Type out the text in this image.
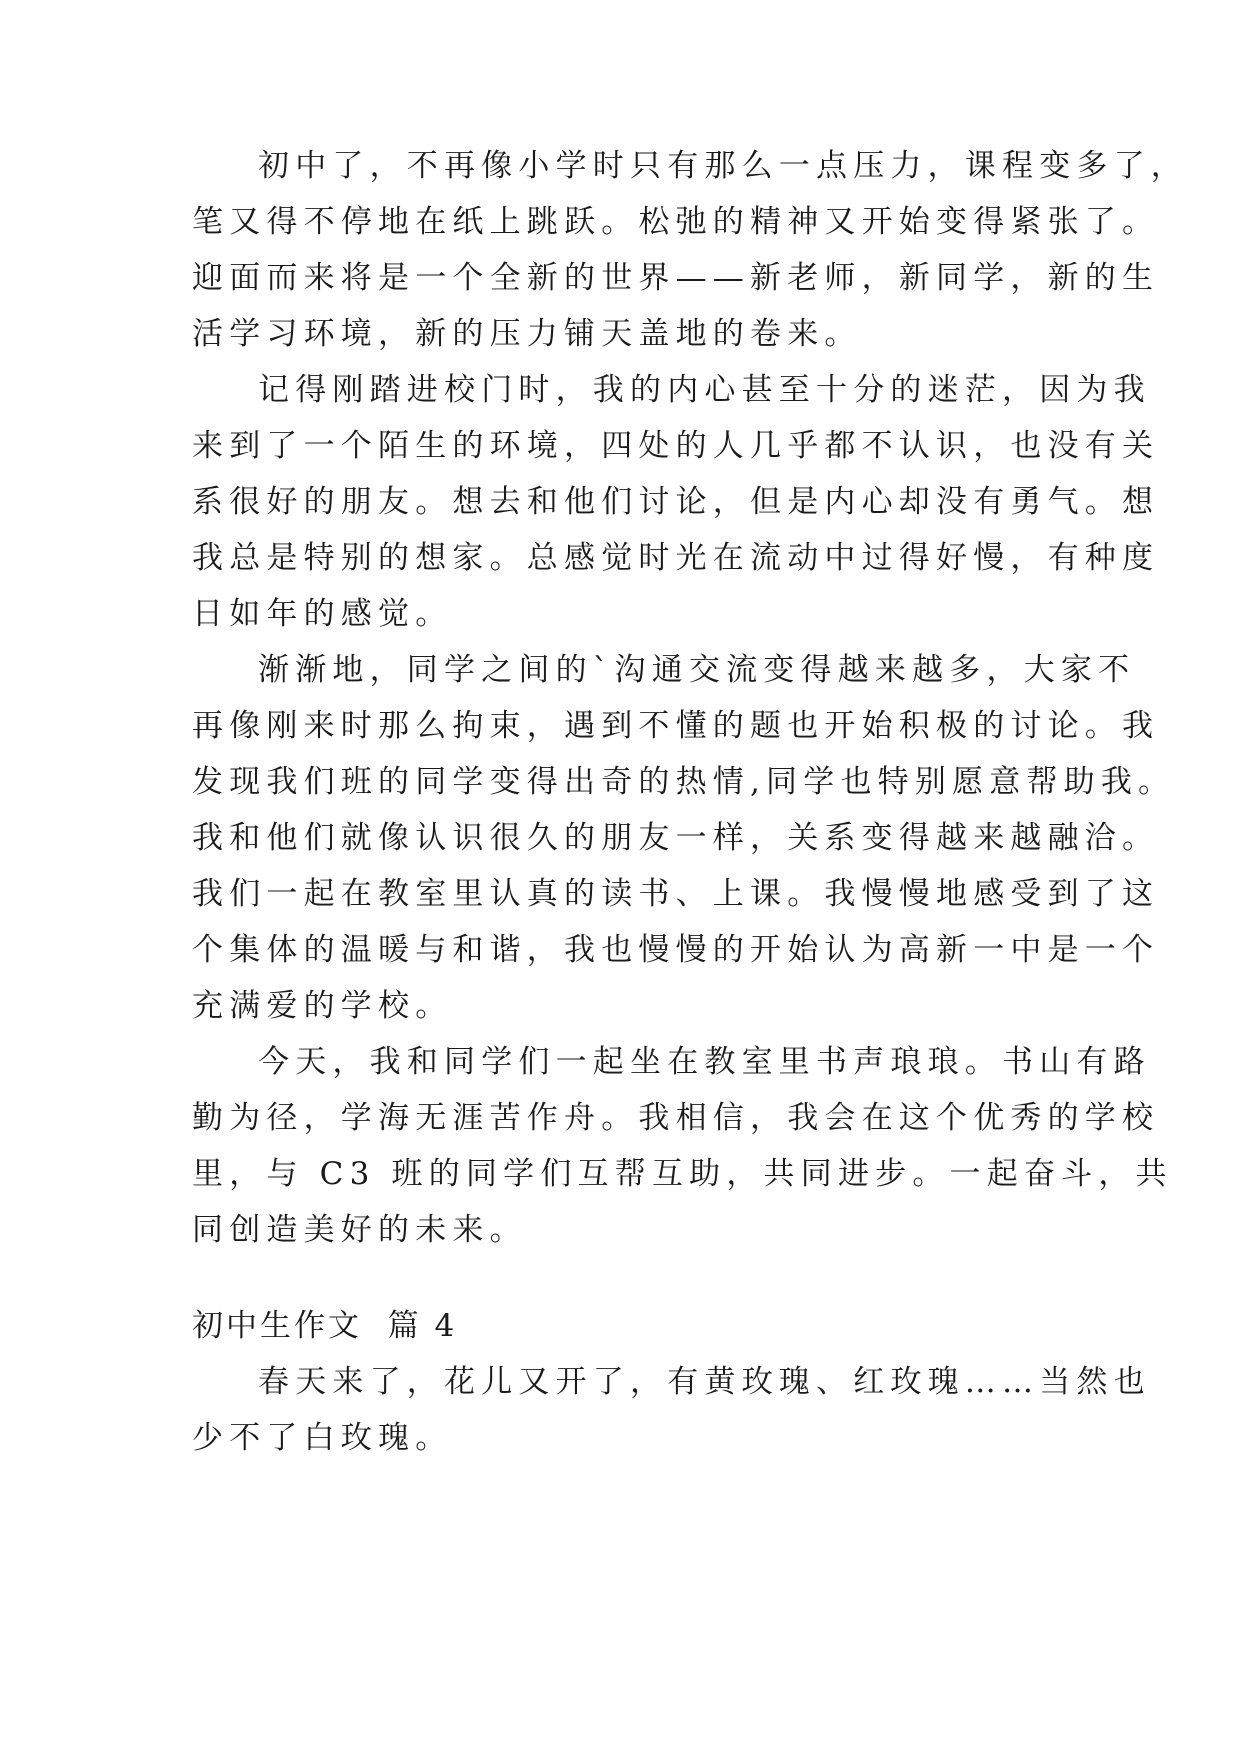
初中了，不再像小学时只有那么一点压力，课程变多了，
笔又得不停地在纸上跳跃。松弛的精神又开始变得紧张了。
迎面而来将是一个全新的世界——新老师，新同学，新的生
活学习环境，新的压力铺天盖地的卷来。
记得刚踏进校门时，我的内心甚至十分的迷茫，因为我
来到了一个陌生的环境，四处的人几乎都不认识，也没有关
系很好的朋友。想去和他们讨论，但是内心却没有勇气。想
我总是特别的想家。总感觉时光在流动中过得好慢，有种度
日如年的感觉。
渐渐地，同学之间的`沟通交流变得越来越多，大家不
再像刚来时那么拘束，遇到不懂的题也开始积极的讨论。我
发现我们班的同学变得出奇的热情,同学也特别愿意帮助我。
我和他们就像认识很久的朋友一样，关系变得越来越融洽。
我们一起在教室里认真的读书、上课。我慢慢地感受到了这
个集体的温暖与和谐，我也慢慢的开始认为高新一中是一个
充满爱的学校。
今天，我和同学们一起坐在教室里书声琅琅。书山有路
勤为径，学海无涯苦作舟。我相信，我会在这个优秀的学校
里，与 C3 班的同学们互帮互助，共同进步。一起奋斗，共
同创造美好的未来。
初中生作文  篇 4
春天来了，花儿又开了，有黄玫瑰、红玫瑰……当然也
少不了白玫瑰。
